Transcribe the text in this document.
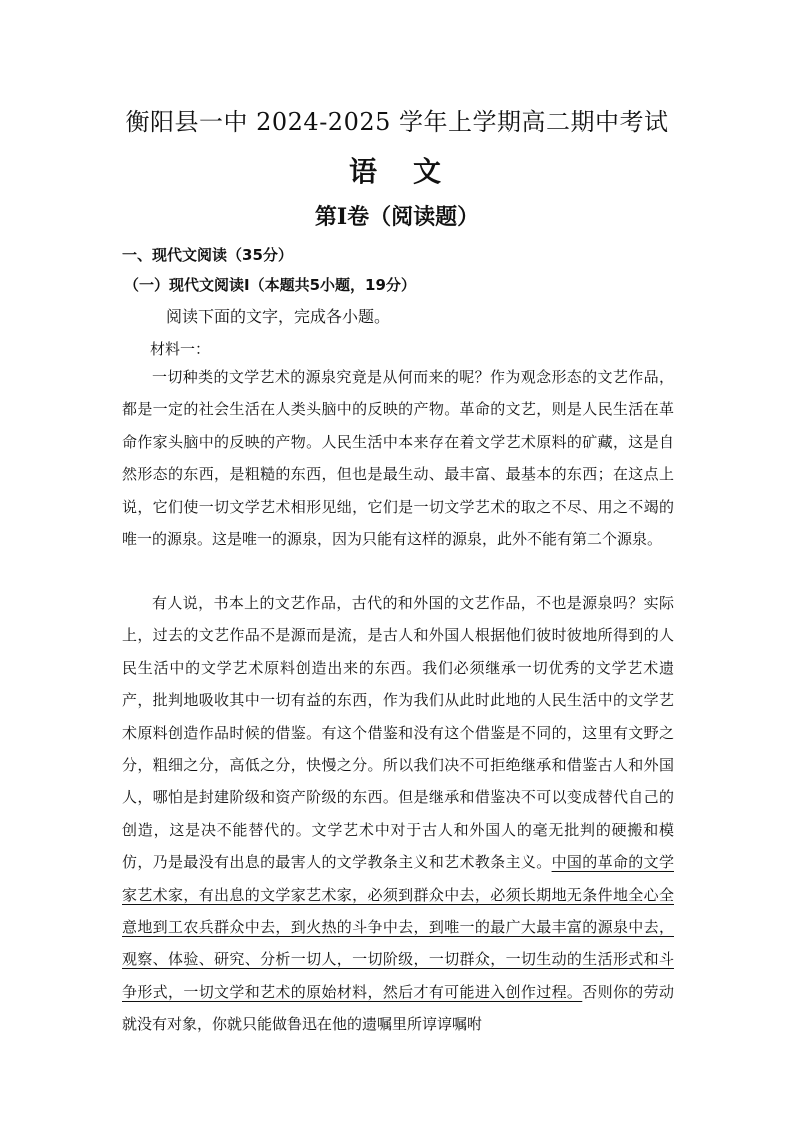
衡阳县一中 2024-2025 学年上学期高二期中考试
语　文
第Ⅰ卷（阅读题）
一、现代文阅读（35分）
（一）现代文阅读Ⅰ（本题共5小题，19分）
阅读下面的文字，完成各小题。
材料一：

一切种类的文学艺术的源泉究竟是从何而来的呢？作为观念形态的文艺作品，都是一定的社会生活在人类头脑中的反映的产物。革命的文艺，则是人民生活在革命作家头脑中的反映的产物。人民生活中本来存在着文学艺术原料的矿藏，这是自然形态的东西，是粗糙的东西，但也是最生动、最丰富、最基本的东西；在这点上说，它们使一切文学艺术相形见绌，它们是一切文学艺术的取之不尽、用之不竭的唯一的源泉。这是唯一的源泉，因为只能有这样的源泉，此外不能有第二个源泉。

有人说，书本上的文艺作品，古代的和外国的文艺作品，不也是源泉吗？实际上，过去的文艺作品不是源而是流，是古人和外国人根据他们彼时彼地所得到的人民生活中的文学艺术原料创造出来的东西。我们必须继承一切优秀的文学艺术遗产，批判地吸收其中一切有益的东西，作为我们从此时此地的人民生活中的文学艺术原料创造作品时候的借鉴。有这个借鉴和没有这个借鉴是不同的，这里有文野之分，粗细之分，高低之分，快慢之分。所以我们决不可拒绝继承和借鉴古人和外国人，哪怕是封建阶级和资产阶级的东西。但是继承和借鉴决不可以变成替代自己的创造，这是决不能替代的。文学艺术中对于古人和外国人的毫无批判的硬搬和模仿，乃是最没有出息的最害人的文学教条主义和艺术教条主义。中国的革命的文学家艺术家，有出息的文学家艺术家，必须到群众中去，必须长期地无条件地全心全意地到工农兵群众中去，到火热的斗争中去，到唯一的最广大最丰富的源泉中去，观察、体验、研究、分析一切人，一切阶级，一切群众，一切生动的生活形式和斗争形式，一切文学和艺术的原始材料，然后才有可能进入创作过程。否则你的劳动就没有对象，你就只能做鲁迅在他的遗嘱里所谆谆嘱咐
